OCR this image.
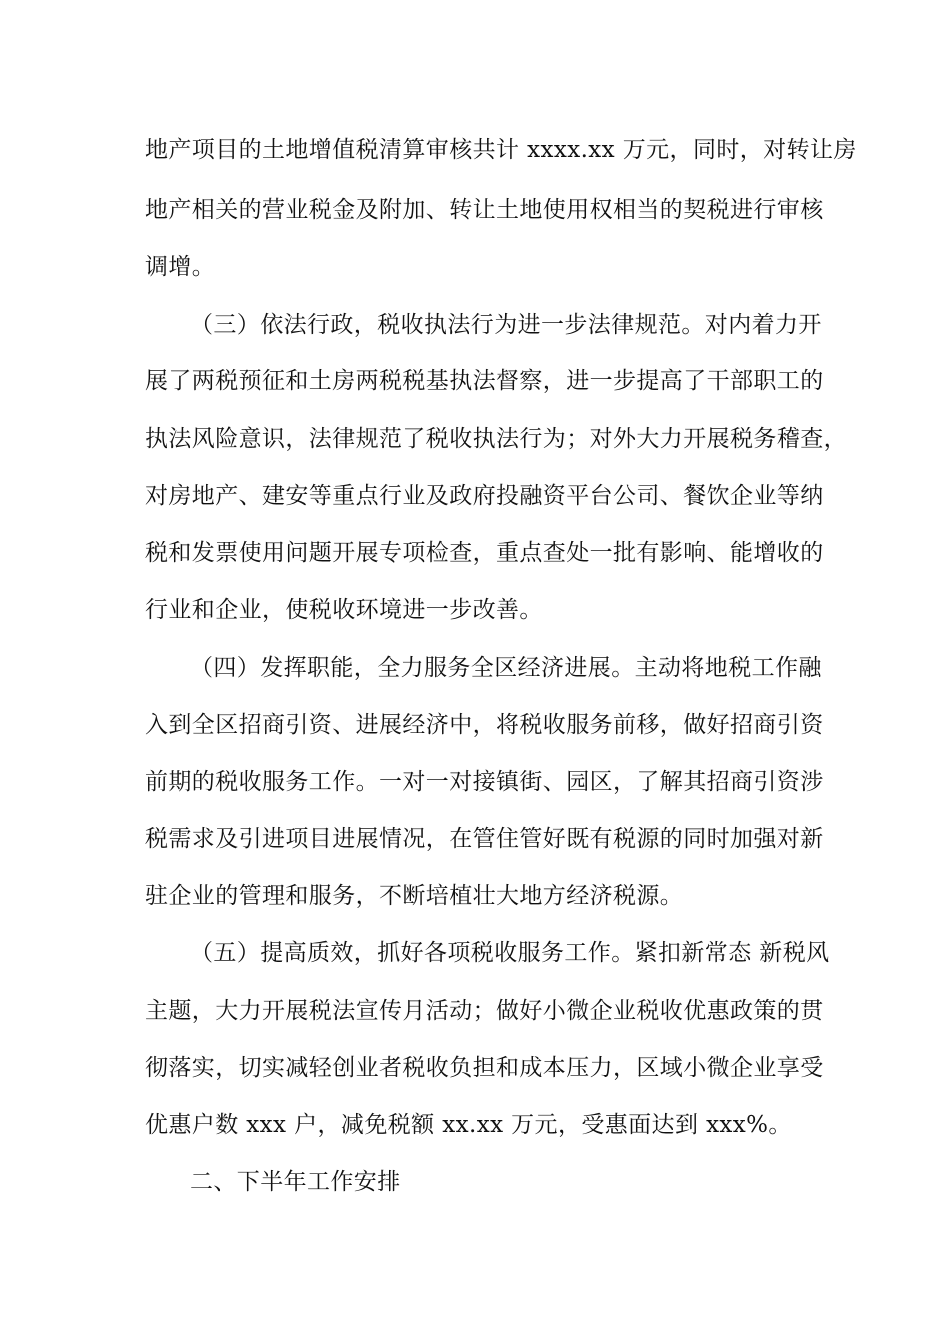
地产项目的土地增值税清算审核共计 xxxx.xx 万元，同时，对转让房
地产相关的营业税金及附加、转让土地使用权相当的契税进行审核
调增。
（三）依法行政，税收执法行为进一步法律规范。对内着力开
展了两税预征和土房两税税基执法督察，进一步提高了干部职工的
执法风险意识，法律规范了税收执法行为；对外大力开展税务稽查，
对房地产、建安等重点行业及政府投融资平台公司、餐饮企业等纳
税和发票使用问题开展专项检查，重点查处一批有影响、能增收的
行业和企业，使税收环境进一步改善。
（四）发挥职能，全力服务全区经济进展。主动将地税工作融
入到全区招商引资、进展经济中，将税收服务前移，做好招商引资
前期的税收服务工作。一对一对接镇街、园区，了解其招商引资涉
税需求及引进项目进展情况，在管住管好既有税源的同时加强对新
驻企业的管理和服务，不断培植壮大地方经济税源。
（五）提高质效，抓好各项税收服务工作。紧扣新常态 新税风
主题，大力开展税法宣传月活动；做好小微企业税收优惠政策的贯
彻落实，切实减轻创业者税收负担和成本压力，区域小微企业享受
优惠户数 xxx 户，减免税额 xx.xx 万元，受惠面达到 xxx%。
二、下半年工作安排
